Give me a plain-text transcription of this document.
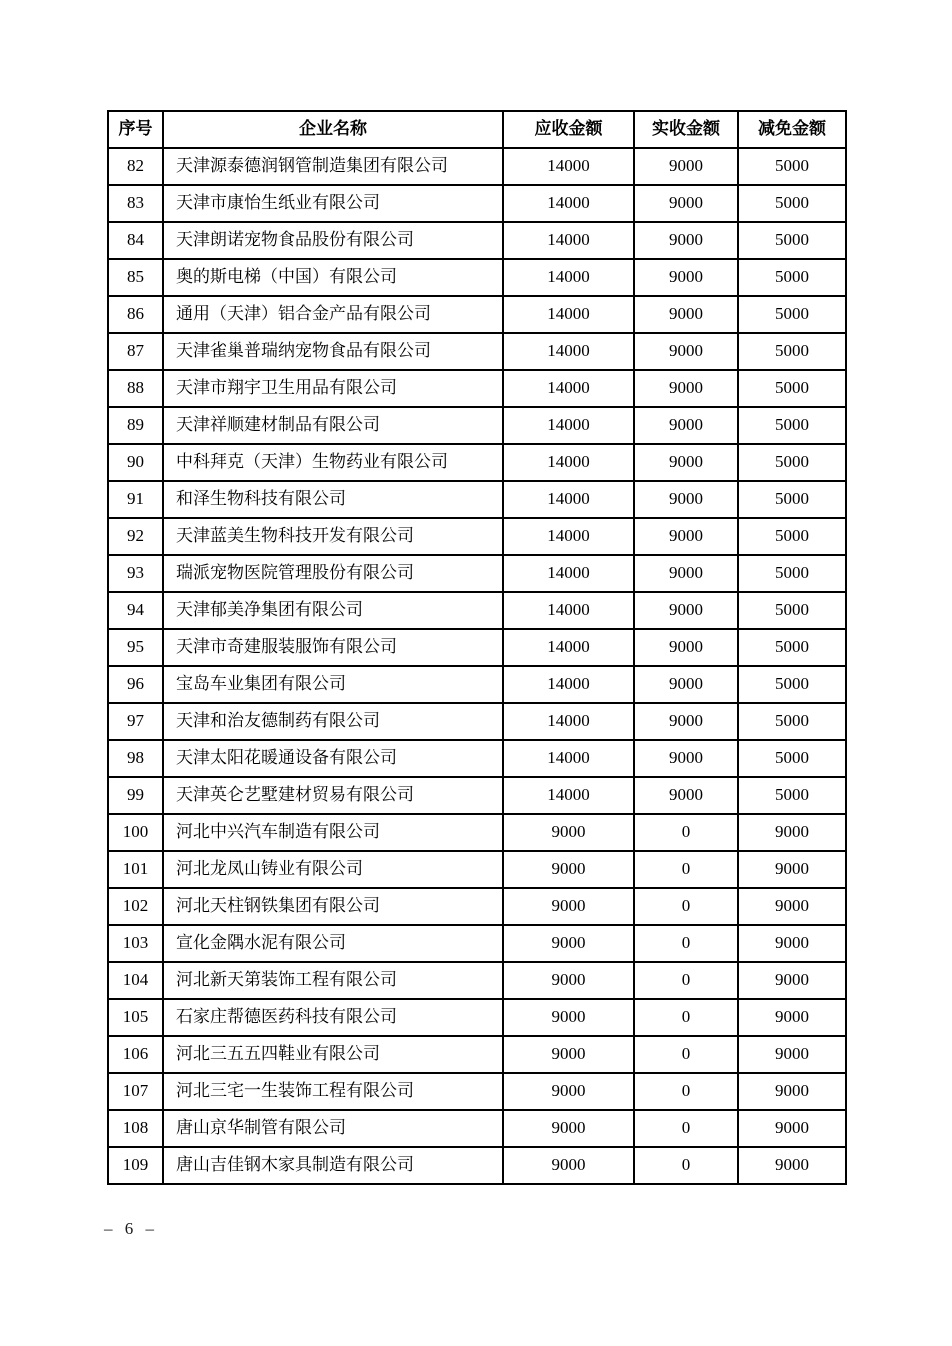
序号	企业名称	应收金额	实收金额	减免金额
82	天津源泰德润钢管制造集团有限公司	14000	9000	5000
83	天津市康怡生纸业有限公司	14000	9000	5000
84	天津朗诺宠物食品股份有限公司	14000	9000	5000
85	奥的斯电梯（中国）有限公司	14000	9000	5000
86	通用（天津）铝合金产品有限公司	14000	9000	5000
87	天津雀巢普瑞纳宠物食品有限公司	14000	9000	5000
88	天津市翔宇卫生用品有限公司	14000	9000	5000
89	天津祥顺建材制品有限公司	14000	9000	5000
90	中科拜克（天津）生物药业有限公司	14000	9000	5000
91	和泽生物科技有限公司	14000	9000	5000
92	天津蓝美生物科技开发有限公司	14000	9000	5000
93	瑞派宠物医院管理股份有限公司	14000	9000	5000
94	天津郁美净集团有限公司	14000	9000	5000
95	天津市奇建服装服饰有限公司	14000	9000	5000
96	宝岛车业集团有限公司	14000	9000	5000
97	天津和治友德制药有限公司	14000	9000	5000
98	天津太阳花暖通设备有限公司	14000	9000	5000
99	天津英仑艺墅建材贸易有限公司	14000	9000	5000
100	河北中兴汽车制造有限公司	9000	0	9000
101	河北龙凤山铸业有限公司	9000	0	9000
102	河北天柱钢铁集团有限公司	9000	0	9000
103	宣化金隅水泥有限公司	9000	0	9000
104	河北新天第装饰工程有限公司	9000	0	9000
105	石家庄帮德医药科技有限公司	9000	0	9000
106	河北三五五四鞋业有限公司	9000	0	9000
107	河北三宅一生装饰工程有限公司	9000	0	9000
108	唐山京华制管有限公司	9000	0	9000
109	唐山吉佳钢木家具制造有限公司	9000	0	9000
– 6 –
